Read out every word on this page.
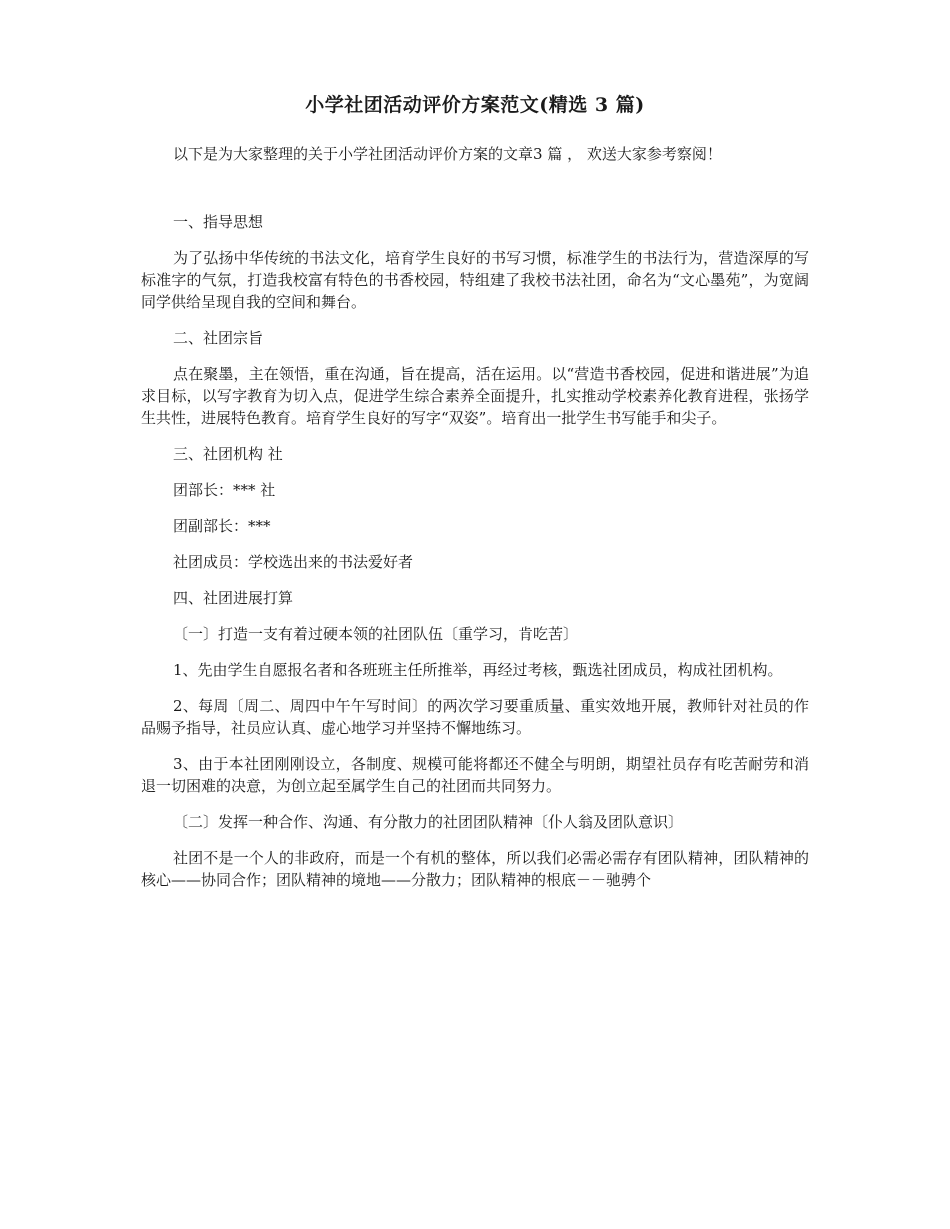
小学社团活动评价方案范文(精选 3 篇)
以下是为大家整理的关于小学社团活动评价方案的文章3 篇 ， 欢送大家参考察阅！

一、指导思想

为了弘扬中华传统的书法文化，培育学生良好的书写习惯，标准学生的书法行为，营造深厚的写标准字的气氛，打造我校富有特色的书香校园，特组建了我校书法社团，命名为“文心墨苑”，为宽阔同学供给呈现自我的空间和舞台。

二、社团宗旨

点在聚墨，主在领悟，重在沟通，旨在提高，活在运用。以“营造书香校园，促进和谐进展”为追求目标，以写字教育为切入点，促进学生综合素养全面提升，扎实推动学校素养化教育进程，张扬学生共性，进展特色教育。培育学生良好的写字“双姿”。培育出一批学生书写能手和尖子。

三、社团机构 社

团部长：*** 社

团副部长：***

社团成员：学校选出来的书法爱好者

四、社团进展打算

〔一〕打造一支有着过硬本领的社团队伍〔重学习，肯吃苦〕

1、先由学生自愿报名者和各班班主任所推举，再经过考核，甄选社团成员，构成社团机构。

2、每周〔周二、周四中午午写时间〕的两次学习要重质量、重实效地开展，教师针对社员的作品赐予指导，社员应认真、虚心地学习并坚持不懈地练习。

3、由于本社团刚刚设立，各制度、规模可能将都还不健全与明朗，期望社员存有吃苦耐劳和消退一切困难的决意，为创立起至属学生自己的社团而共同努力。

〔二〕发挥一种合作、沟通、有分散力的社团团队精神〔仆人翁及团队意识〕

社团不是一个人的非政府，而是一个有机的整体，所以我们必需必需存有团队精神，团队精神的核心——协同合作；团队精神的境地——分散力；团队精神的根底－－驰骋个
